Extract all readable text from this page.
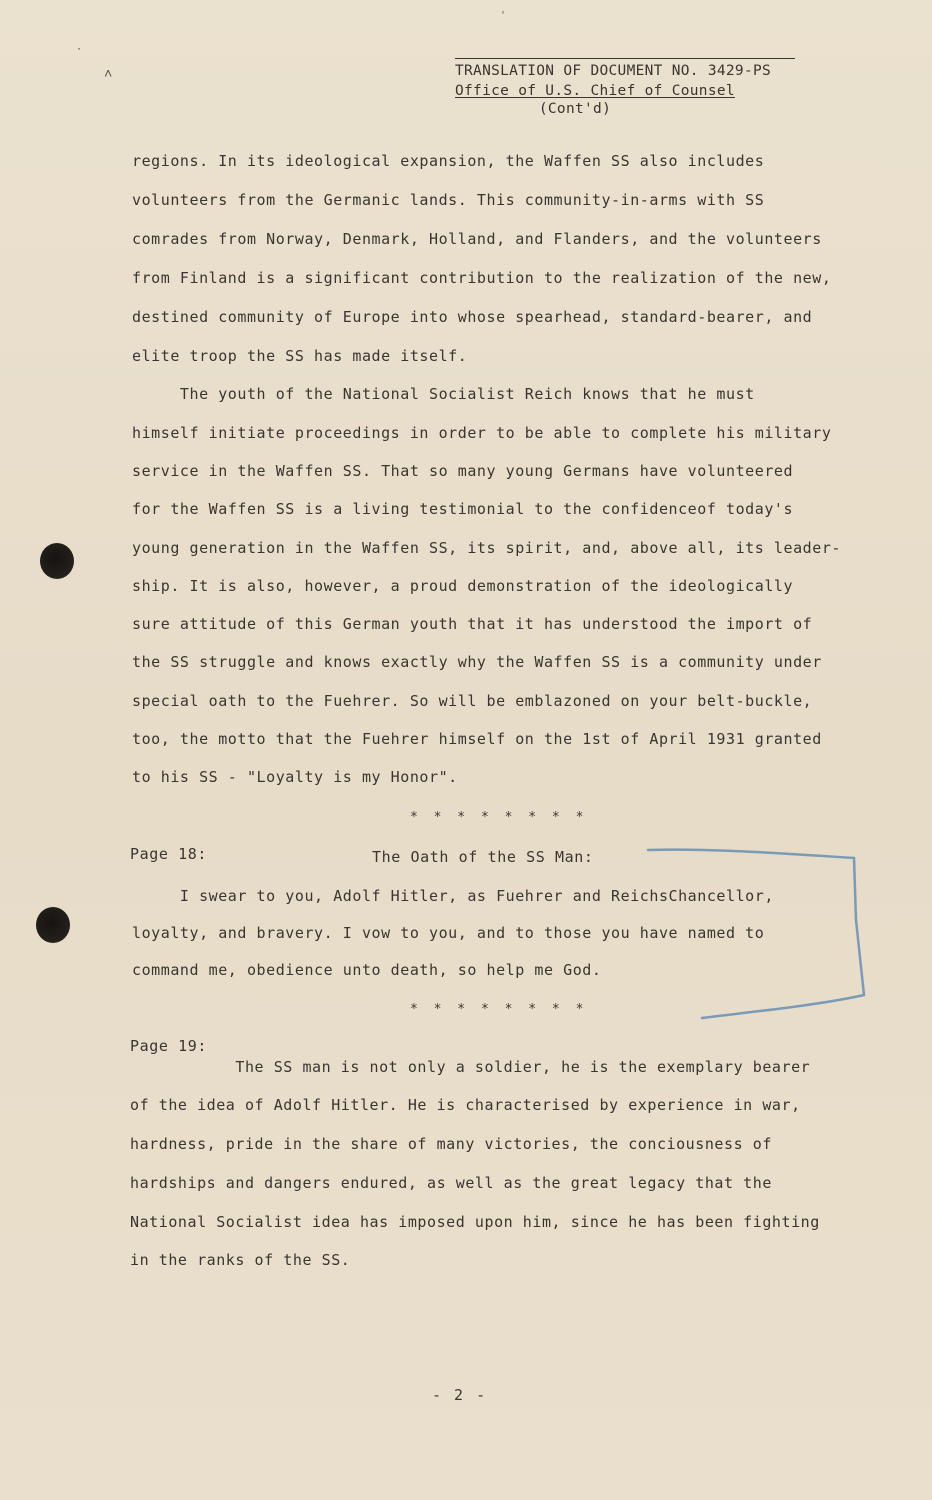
TRANSLATION OF DOCUMENT NO. 3429-PS
Office of U.S. Chief of Counsel
(Cont'd)
regions. In its ideological expansion, the Waffen SS also includes
volunteers from the Germanic lands. This community-in-arms with SS
comrades from Norway, Denmark, Holland, and Flanders, and the volunteers
from Finland is a significant contribution to the realization of the new,
destined community of Europe into whose spearhead, standard-bearer, and
elite troop the SS has made itself.

The youth of the National Socialist Reich knows that he must

himself initiate proceedings in order to be able to complete his military

service in the Waffen SS. That so many young Germans have volunteered

for the Waffen SS is a living testimonial to the confidenceof today's

young generation in the Waffen SS, its spirit, and, above all, its leader-

ship. It is also, however, a proud demonstration of the ideologically

sure attitude of this German youth that it has understood the import of

the SS struggle and knows exactly why the Waffen SS is a community under

special oath to the Fuehrer. So will be emblazoned on your belt-buckle,

too, the motto that the Fuehrer himself on the 1st of April 1931 granted

to his SS - "Loyalty is my Honor".

* * * * * * * *
Page 18:	The Oath of the SS Man:
I swear to you, Adolf Hitler, as Fuehrer and ReichsChancellor,
loyalty, and bravery. I vow to you, and to those you have named to
command me, obedience unto death, so help me God.
* * * * * * * *
Page 19:
The SS man is not only a soldier, he is the exemplary bearer
of the idea of Adolf Hitler. He is characterised by experience in war,
hardness, pride in the share of many victories, the conciousness of
hardships and dangers endured, as well as the great legacy that the
National Socialist idea has imposed upon him, since he has been fighting
in the ranks of the SS.
- 2 -
·
˄
'
